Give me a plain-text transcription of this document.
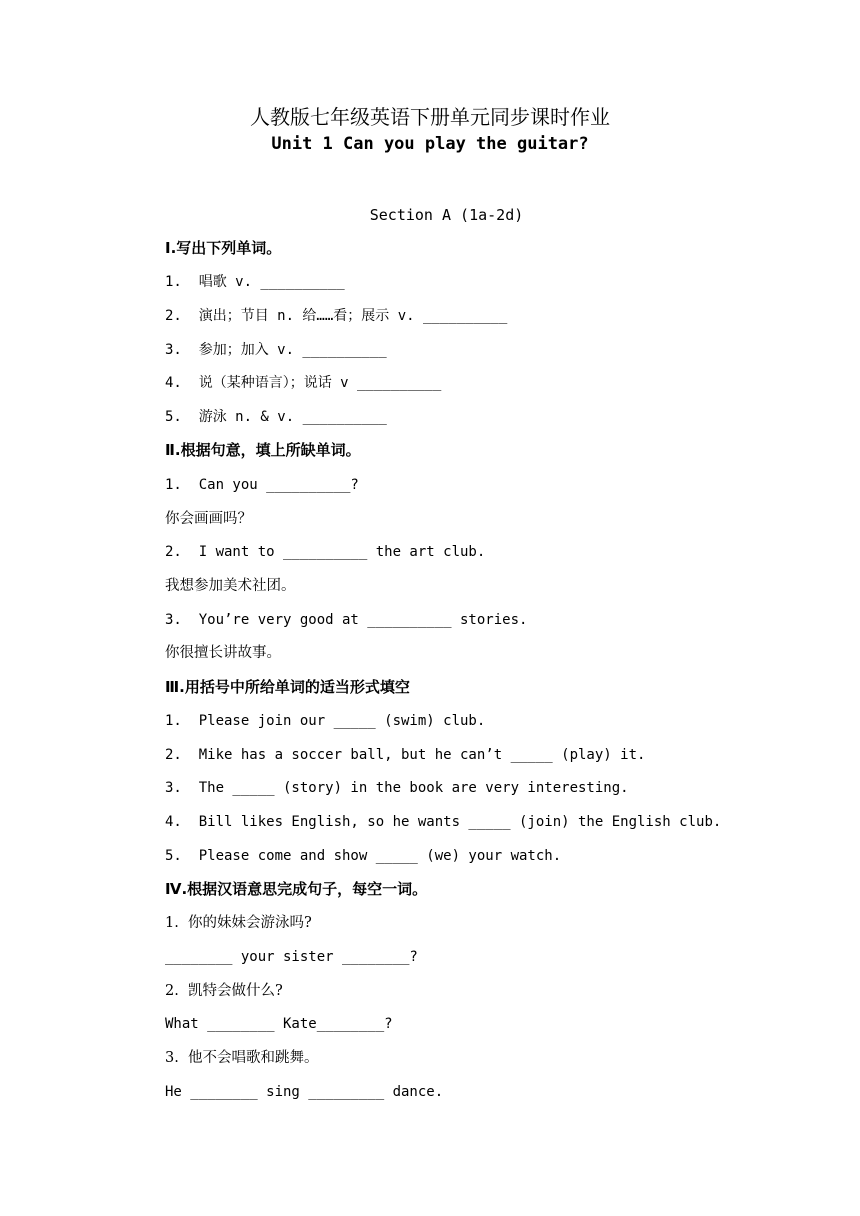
人教版七年级英语下册单元同步课时作业
Unit 1 Can you play the guitar?
Section A (1a-2d)
Ⅰ.写出下列单词。
1.  唱歌 v. __________
2.  演出；节目 n. 给……看；展示 v. __________
3.  参加；加入 v. __________
4.  说（某种语言）；说话 v __________
5.  游泳 n. & v. __________
Ⅱ.根据句意，填上所缺单词。
1.  Can you __________?
你会画画吗？
2.  I want to __________ the art club.
我想参加美术社团。
3.  You’re very good at __________ stories.
你很擅长讲故事。
Ⅲ.用括号中所给单词的适当形式填空
1.  Please join our _____ (swim) club.
2.  Mike has a soccer ball, but he can’t _____ (play) it.
3.  The _____ (story) in the book are very interesting.
4.  Bill likes English, so he wants _____ (join) the English club.
5.  Please come and show _____ (we) your watch.
Ⅳ.根据汉语意思完成句子，每空一词。
1.  你的妹妹会游泳吗?
________ your sister ________?
2.  凯特会做什么?
What ________ Kate________?
3.  他不会唱歌和跳舞。
He ________ sing _________ dance.
